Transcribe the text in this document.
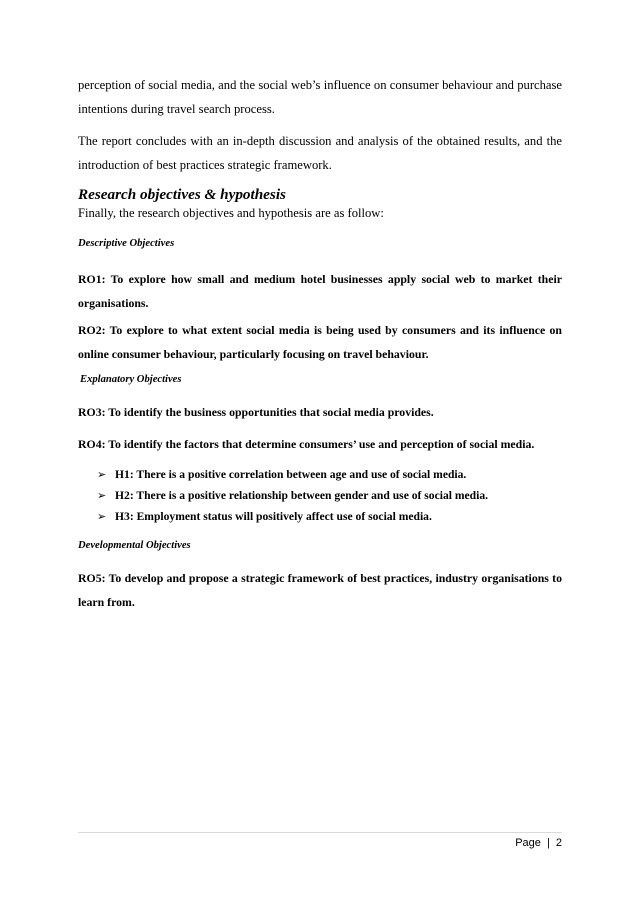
perception of social media, and the social web’s influence on consumer behaviour and purchase intentions during travel search process.

The report concludes with an in-depth discussion and analysis of the obtained results, and the introduction of best practices strategic framework.

Research objectives & hypothesis
Finally, the research objectives and hypothesis are as follow:
Descriptive Objectives

RO1: To explore how small and medium hotel businesses apply social web to market their organisations.

RO2: To explore to what extent social media is being used by consumers and its influence on online consumer behaviour, particularly focusing on travel behaviour.

Explanatory Objectives

RO3: To identify the business opportunities that social media provides.

RO4: To identify the factors that determine consumers’ use and perception of social media.

➢ H1: There is a positive correlation between age and use of social media.
➢ H2: There is a positive relationship between gender and use of social media.
➢ H3: Employment status will positively affect use of social media.
Developmental Objectives

RO5: To develop and propose a strategic framework of best practices, industry organisations to learn from.

Page | 2
